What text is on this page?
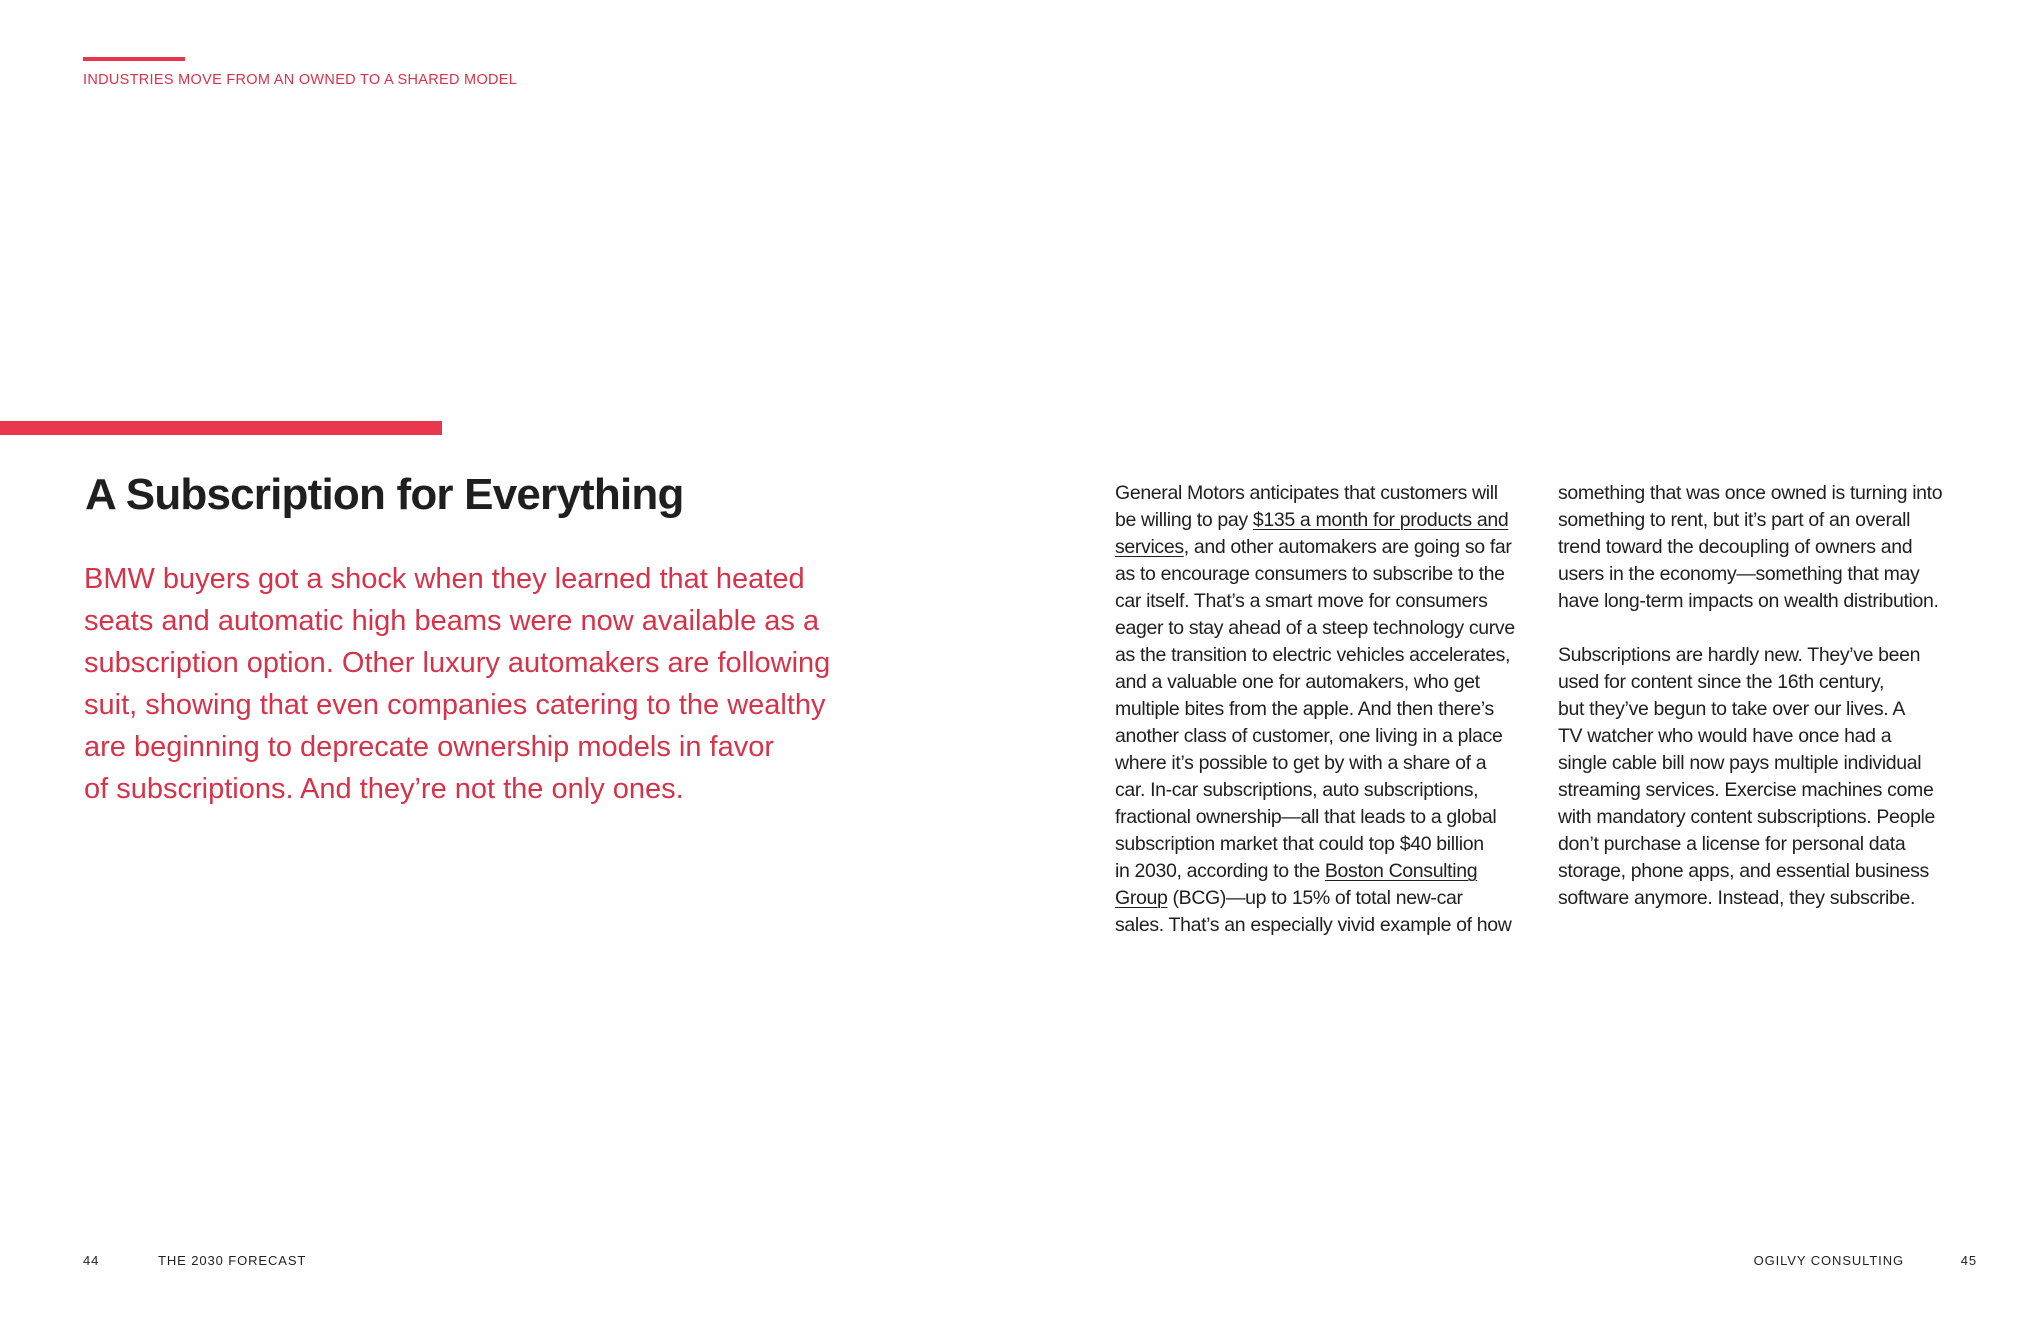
INDUSTRIES MOVE FROM AN OWNED TO A SHARED MODEL
A Subscription for Everything

BMW buyers got a shock when they learned that heated
seats and automatic high beams were now available as a
subscription option. Other luxury automakers are following
suit, showing that even companies catering to the wealthy
are beginning to deprecate ownership models in favor
of subscriptions. And they’re not the only ones.

General Motors anticipates that customers will
be willing to pay $135 a month for products and
services, and other automakers are going so far
as to encourage consumers to subscribe to the
car itself. That’s a smart move for consumers
eager to stay ahead of a steep technology curve
as the transition to electric vehicles accelerates,
and a valuable one for automakers, who get
multiple bites from the apple. And then there’s
another class of customer, one living in a place
where it’s possible to get by with a share of a
car. In-car subscriptions, auto subscriptions,
fractional ownership—all that leads to a global
subscription market that could top $40 billion
in 2030, according to the Boston Consulting
Group (BCG)—up to 15% of total new-car
sales. That’s an especially vivid example of how

something that was once owned is turning into
something to rent, but it’s part of an overall
trend toward the decoupling of owners and
users in the economy—something that may
have long-term impacts on wealth distribution.
Subscriptions are hardly new. They’ve been
used for content since the 16th century,
but they’ve begun to take over our lives. A
TV watcher who would have once had a
single cable bill now pays multiple individual
streaming services. Exercise machines come
with mandatory content subscriptions. People
don’t purchase a license for personal data
storage, phone apps, and essential business
software anymore. Instead, they subscribe.

44	THE 2030 FORECAST	OGILVY CONSULTING	45
